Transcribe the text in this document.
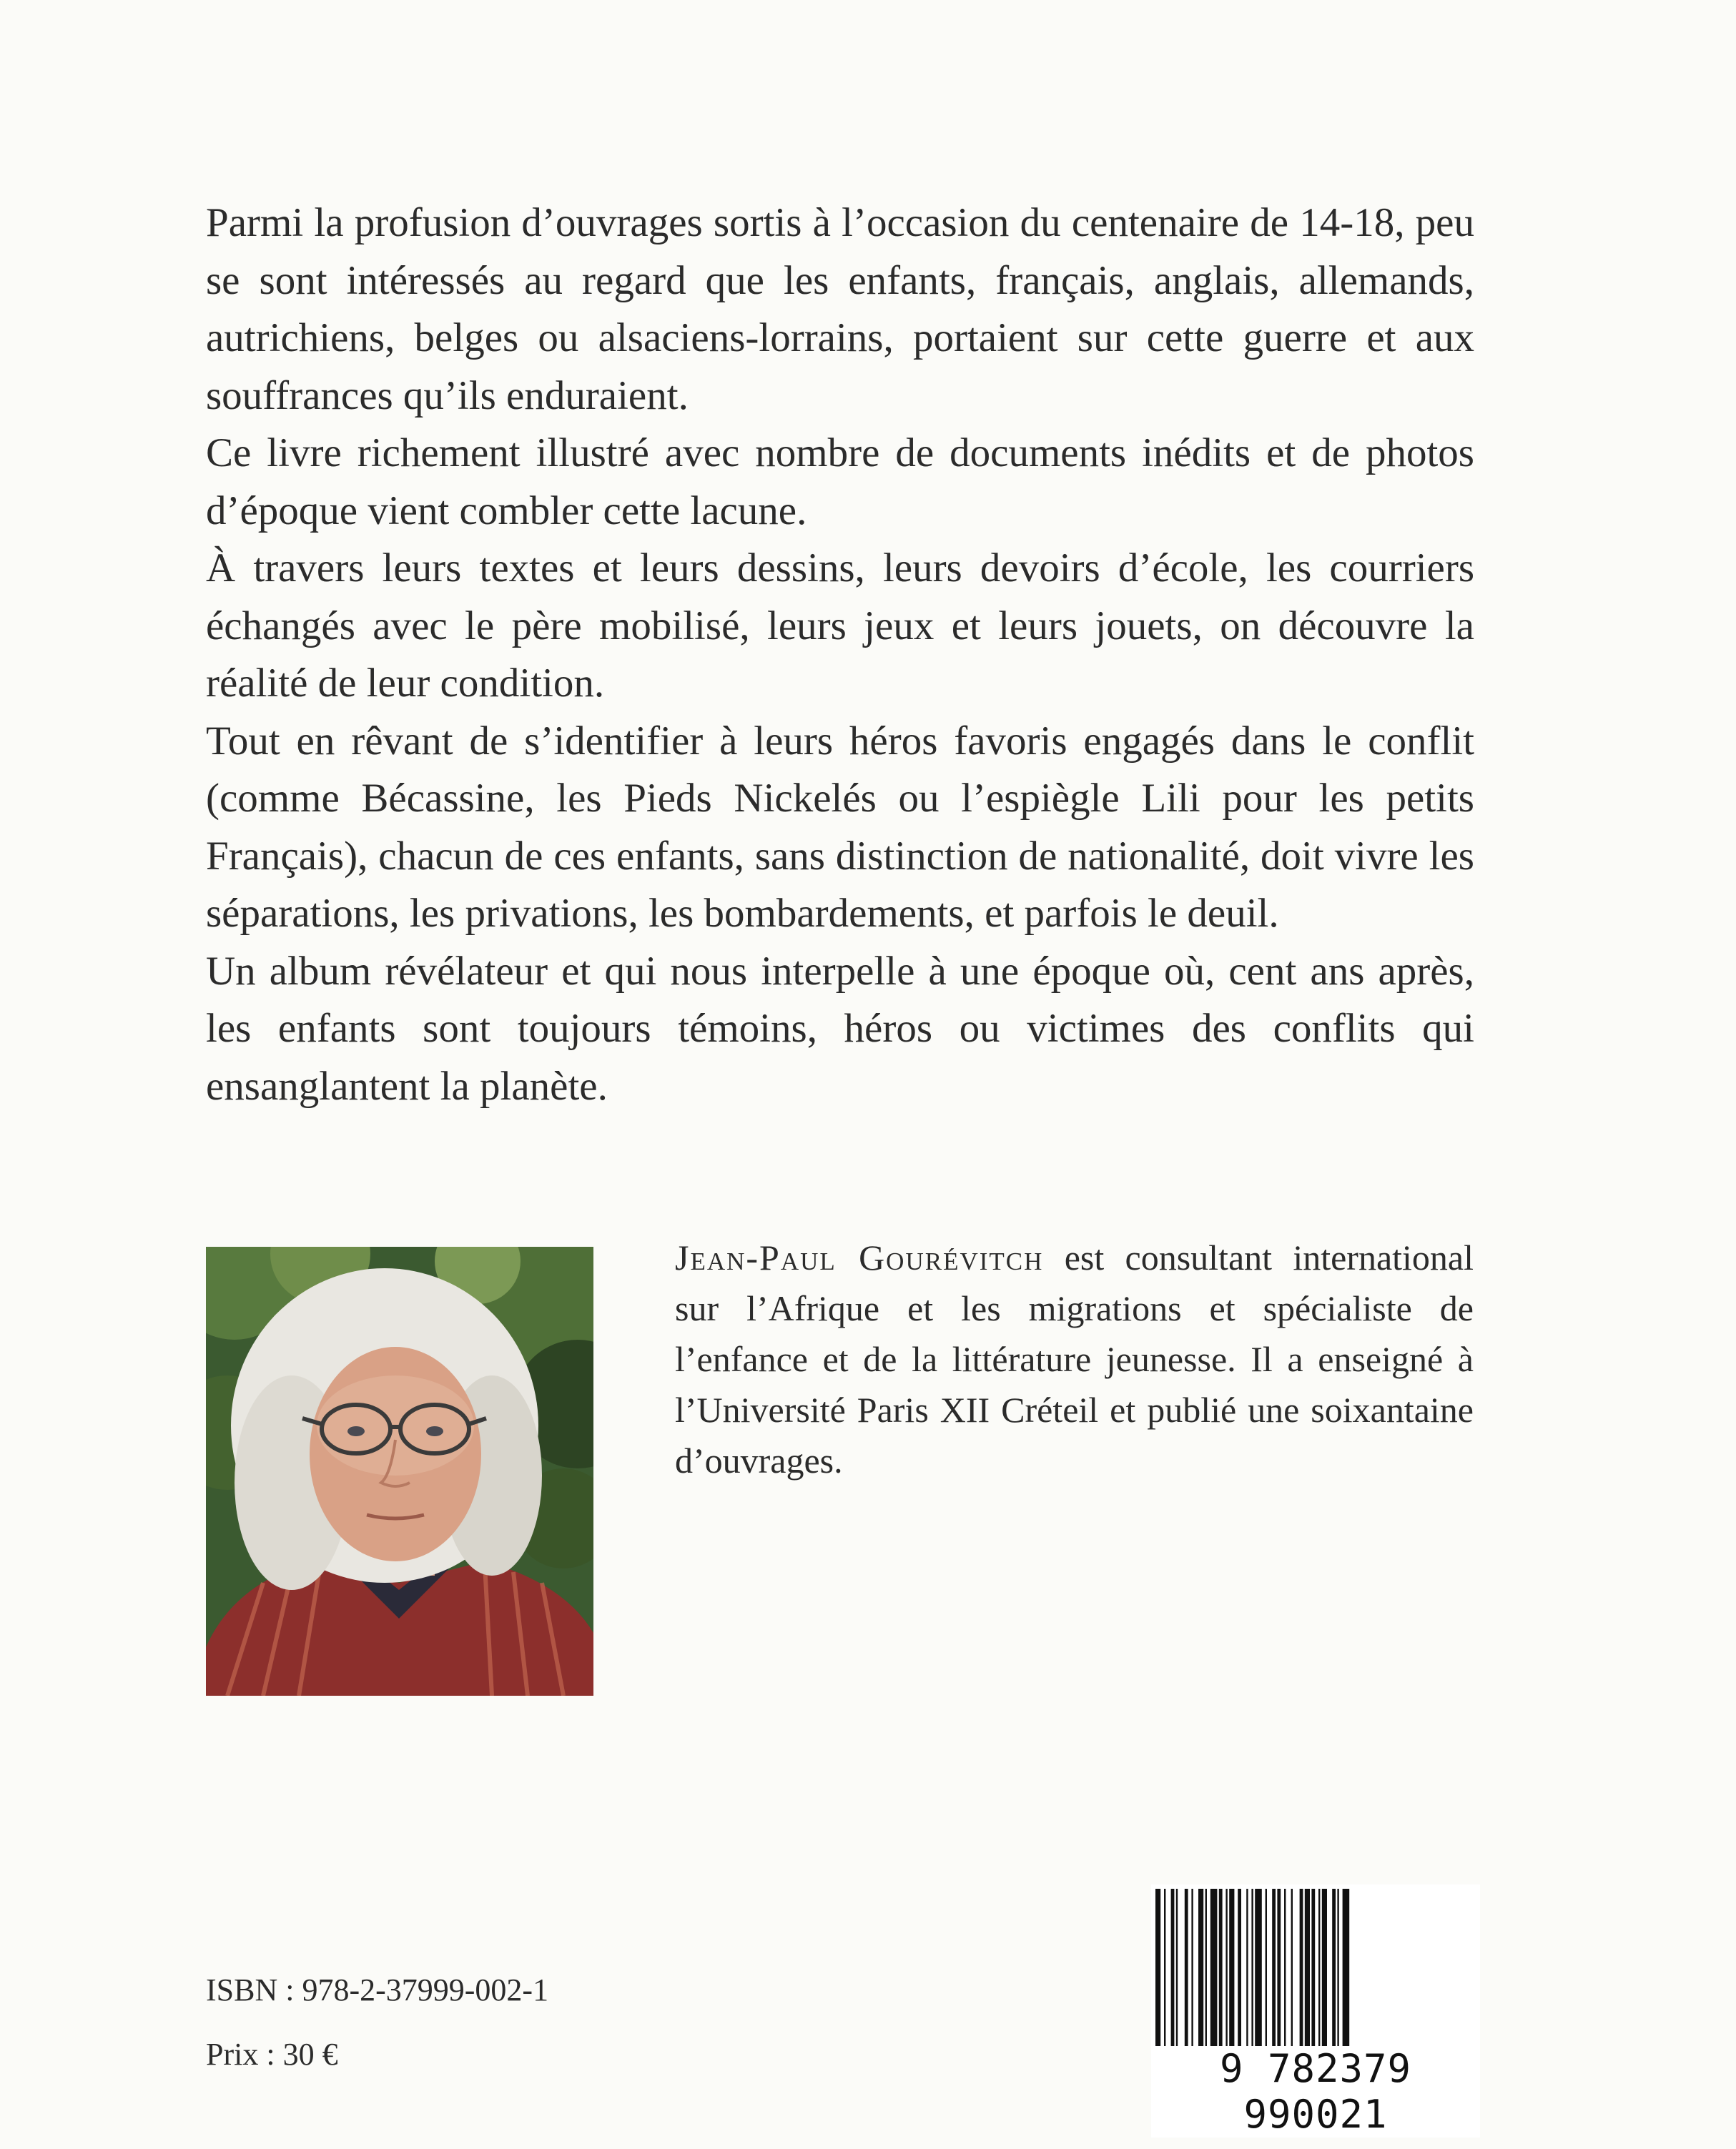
Parmi la profusion d’ouvrages sortis à l’occasion du centenaire de 14-18, peu se sont intéressés au regard que les enfants, français, anglais, allemands, autrichiens, belges ou alsaciens-lorrains, portaient sur cette guerre et aux souffrances qu’ils enduraient.

Ce livre richement illustré avec nombre de documents inédits et de photos d’époque vient combler cette lacune.

À travers leurs textes et leurs dessins, leurs devoirs d’école, les courriers échangés avec le père mobilisé, leurs jeux et leurs jouets, on découvre la réalité de leur condition.

Tout en rêvant de s’identifier à leurs héros favoris engagés dans le conflit (comme Bécassine, les Pieds Nickelés ou l’espiègle Lili pour les petits Français), chacun de ces enfants, sans distinction de nationalité, doit vivre les séparations, les privations, les bombardements, et parfois le deuil.

Un album révélateur et qui nous interpelle à une époque où, cent ans après, les enfants sont toujours témoins, héros ou victimes des conflits qui ensanglantent la planète.

Jean-Paul Gourévitch est consultant international sur l’Afrique et les migrations et spécialiste de l’enfance et de la littérature jeunesse. Il a enseigné à l’Université Paris XII Créteil et publié une soixantaine d’ouvrages.
ISBN : 978-2-37999-002-1
Prix : 30 €	9 782379 990021
